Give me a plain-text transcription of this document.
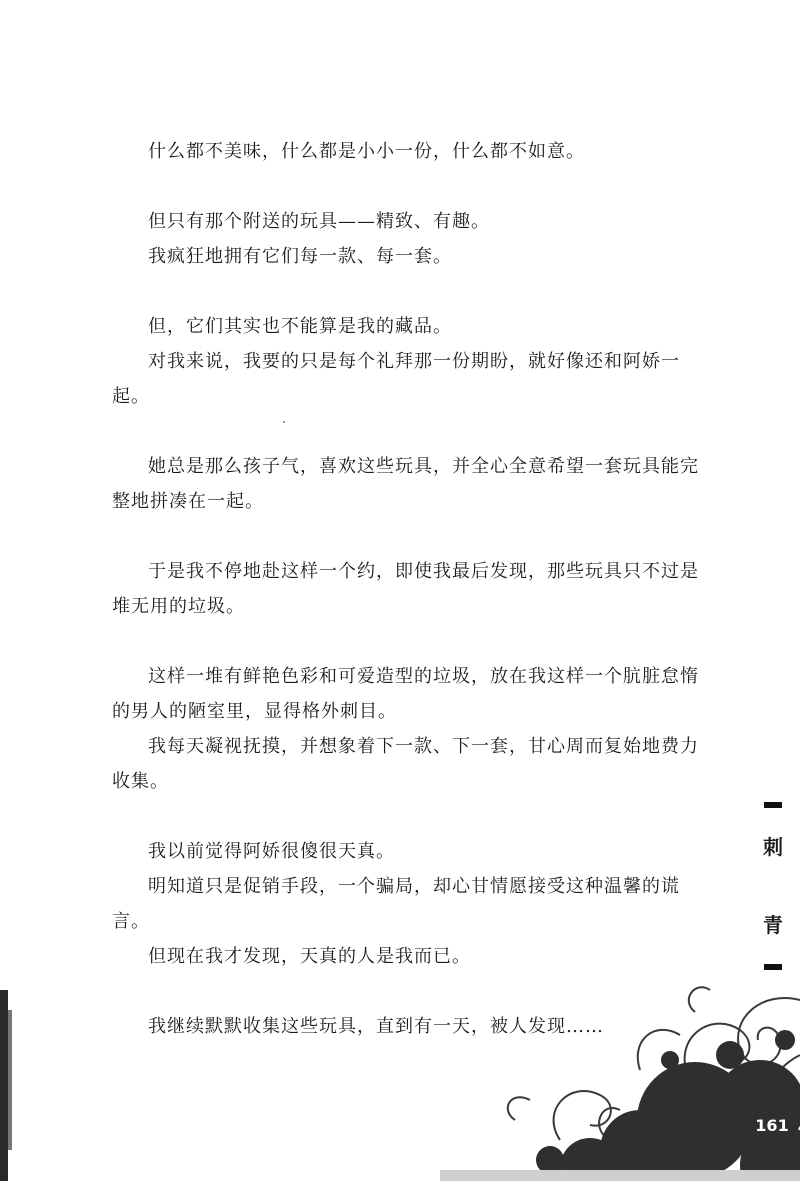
什么都不美味，什么都是小小一份，什么都不如意。

但只有那个附送的玩具——精致、有趣。

我疯狂地拥有它们每一款、每一套。

但，它们其实也不能算是我的藏品。

对我来说，我要的只是每个礼拜那一份期盼，就好像还和阿娇一起。

她总是那么孩子气，喜欢这些玩具，并全心全意希望一套玩具能完整地拼凑在一起。

于是我不停地赴这样一个约，即使我最后发现，那些玩具只不过是堆无用的垃圾。

这样一堆有鲜艳色彩和可爱造型的垃圾，放在我这样一个肮脏怠惰的男人的陋室里，显得格外刺目。

我每天凝视抚摸，并想象着下一款、下一套，甘心周而复始地费力收集。

我以前觉得阿娇很傻很天真。

明知道只是促销手段，一个骗局，却心甘情愿接受这种温馨的谎言。

但现在我才发现，天真的人是我而已。

我继续默默收集这些玩具，直到有一天，被人发现……

刺
青
161
